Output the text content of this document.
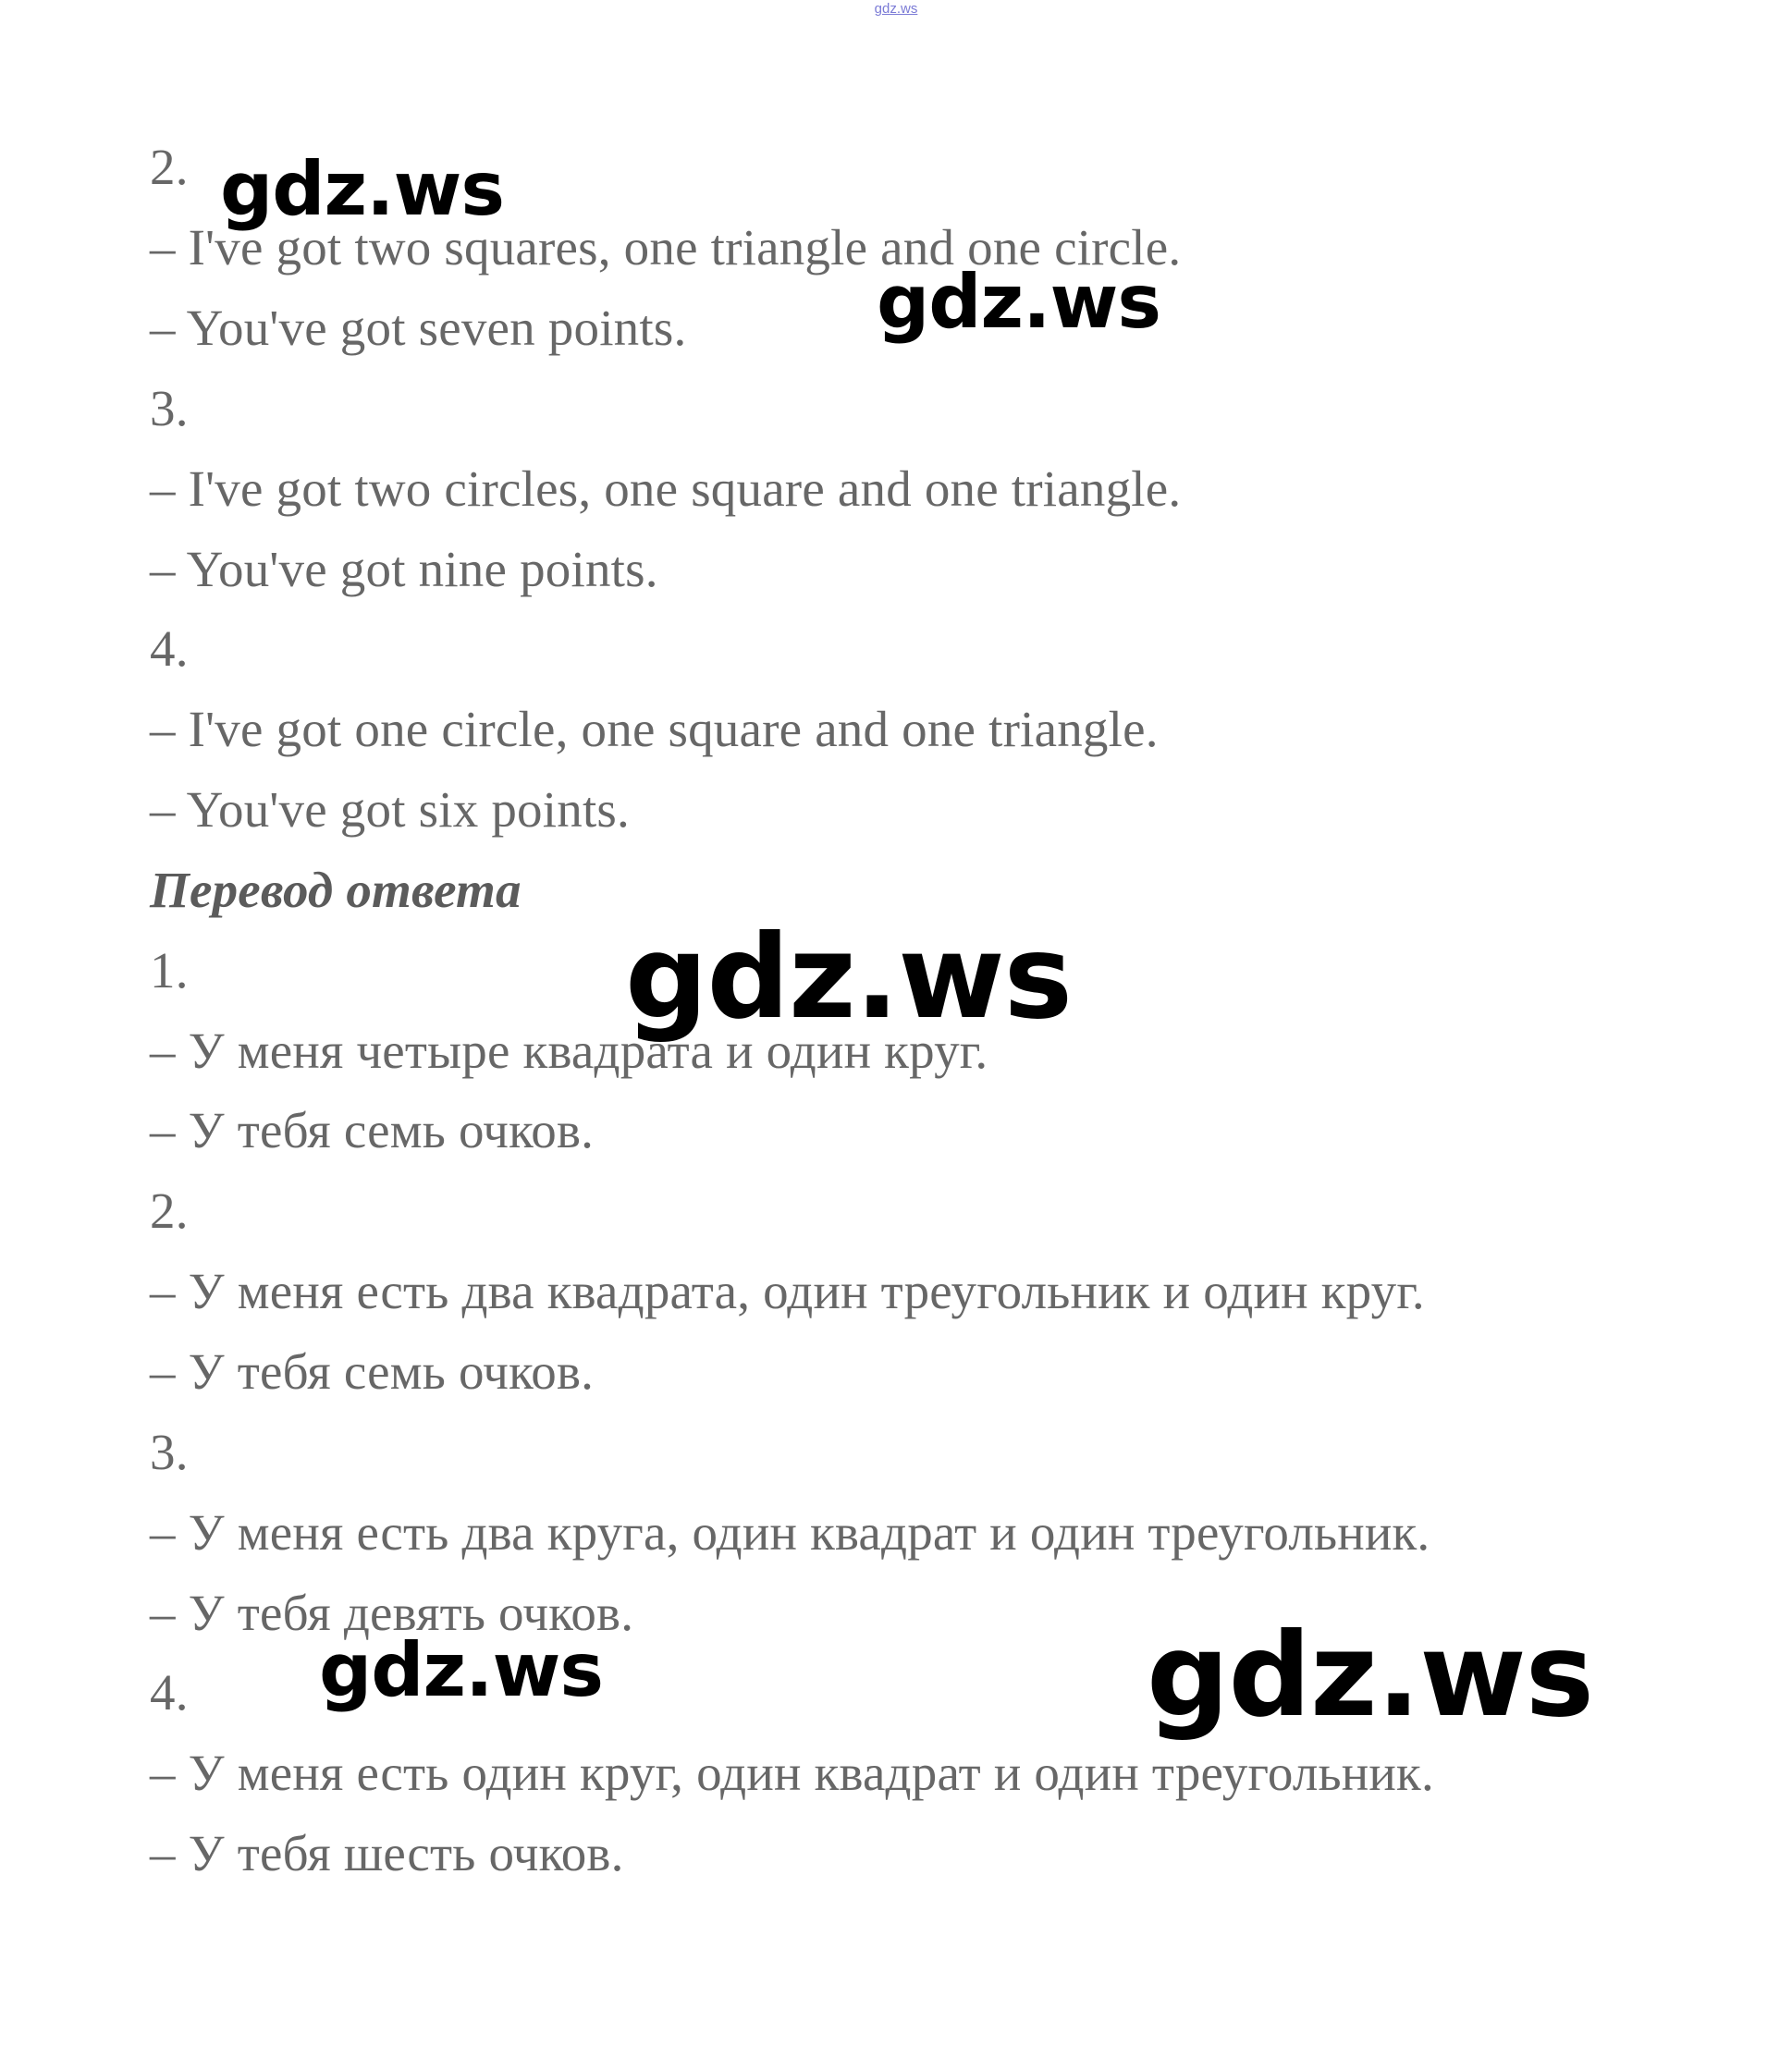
gdz.ws
2.
– I've got two squares, one triangle and one circle.
– You've got seven points.
3.
– I've got two circles, one square and one triangle.
– You've got nine points.
4.
– I've got one circle, one square and one triangle.
– You've got six points.
Перевод ответа
1.
– У меня четыре квадрата и один круг.
– У тебя семь очков.
2.
– У меня есть два квадрата, один треугольник и один круг.
– У тебя семь очков.
3.
– У меня есть два круга, один квадрат и один треугольник.
– У тебя девять очков.
4.
– У меня есть один круг, один квадрат и один треугольник.
– У тебя шесть очков.
gdz.ws
gdz.ws
gdz.ws
gdz.ws	gdz.ws
